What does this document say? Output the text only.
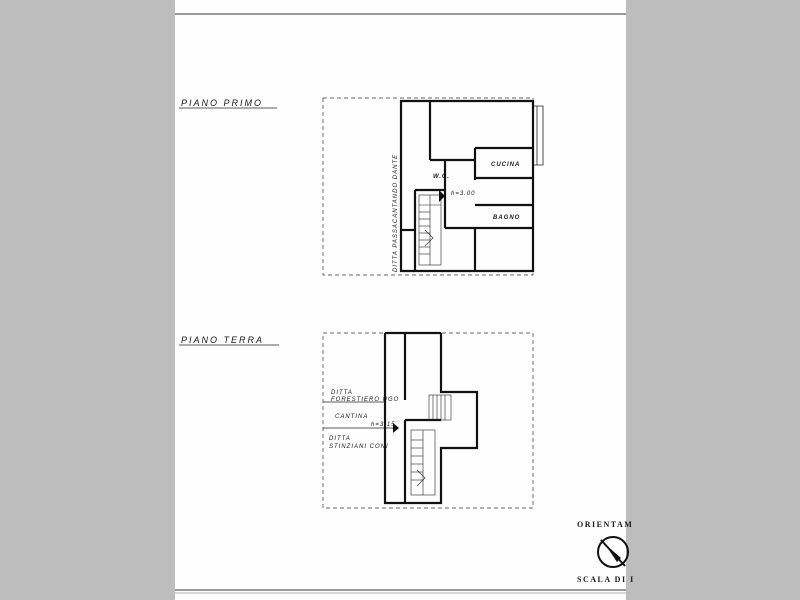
PIANO PRIMO
DITTA PASSACANTANDO DANTE	W.C.
CUCINA
BAGNO
h=3.00
PIANO TERRA
DITTA
FORESTIERO UGO
CANTINA
h=3.15
DITTA
STINZIANI CONI
ORIENTAM
SCALA DI I
